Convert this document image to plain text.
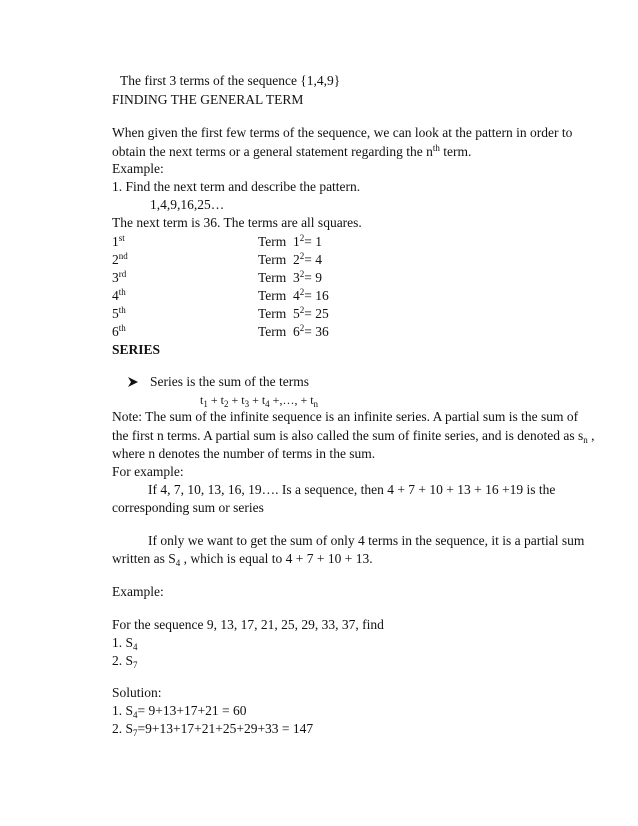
The first 3 terms of the sequence {1,4,9}
FINDING THE GENERAL TERM
When given the first few terms of the sequence, we can look at the pattern in order to
obtain the next terms or a general statement regarding the $n^{th}$ term.
Example:
1. Find the next term and describe the pattern.
1,4,9,16,25…
The next term is 36. The terms are all squares.
1st	Term $1^2= 1$
2nd	Term $2^2= 4$
3rd	Term $3^2= 9$
4th	Term $4^2= 16$
5th	Term $5^2= 25$
6th	Term $6^2= 36$
SERIES
Series is the sum of the terms
$t_1 + t_2 + t_3 + t_4$ +,…, + $t_n$
Note: The sum of the infinite sequence is an infinite series. A partial sum is the sum of
the first n terms. A partial sum is also called the sum of finite series, and is denoted as $s_n$ ,
where n denotes the number of terms in the sum.
For example:
If 4, 7, 10, 13, 16, 19…. Is a sequence, then 4 + 7 + 10 + 13 + 16 +19 is the
corresponding sum or series
If only we want to get the sum of only 4 terms in the sequence, it is a partial sum
written as $S_4$ , which is equal to 4 + 7 + 10 + 13.
Example:
For the sequence 9, 13, 17, 21, 25, 29, 33, 37, find
1. $S_4$
2. $S_7$
Solution:
1. $S_4= 9+13+17+21 = 60$
2. $S_7=9+13+17+21+25+29+33 = 147$
